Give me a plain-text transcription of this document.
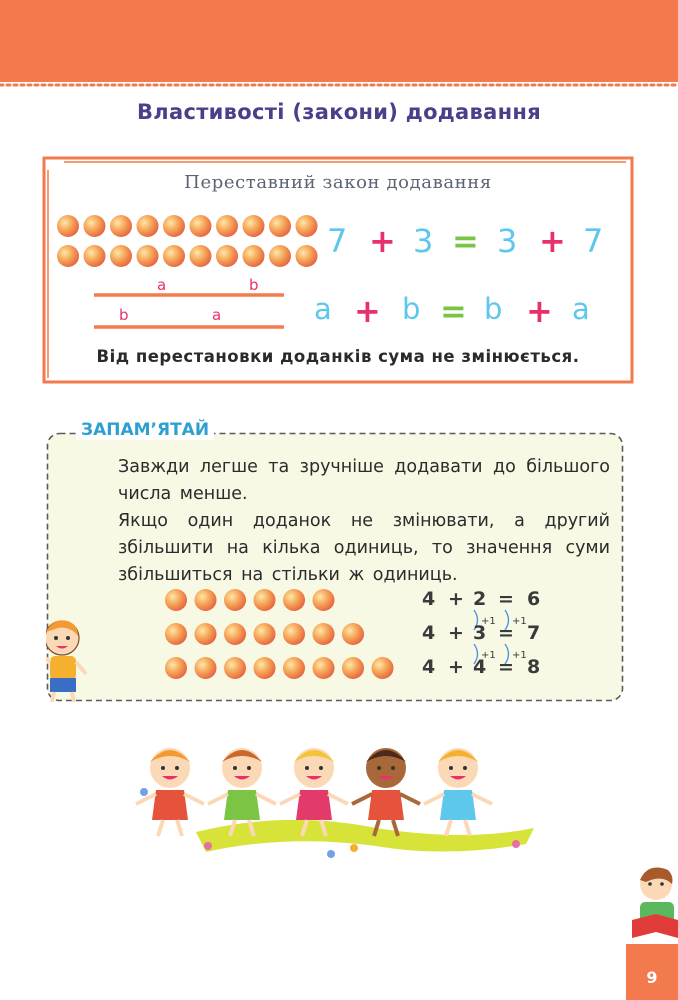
Властивості (закони) додавання
Переставний закон додавання
a	b
b	a
7 + 3 = 3 + 7
a + b = b + a
Від перестановки доданків сума не змінюється.
+1 +1
+1 +1
ЗАПАМ’ЯТАЙ
Завжди легше та зручніше додавати до більшого числа менше.
Якщо один доданок не змінювати, а другий збільшити на кілька одиниць, то значення суми збільшиться на стільки ж одиниць.
4 + 2 = 6
4 + 3 = 7
4 + 4 = 8
9
